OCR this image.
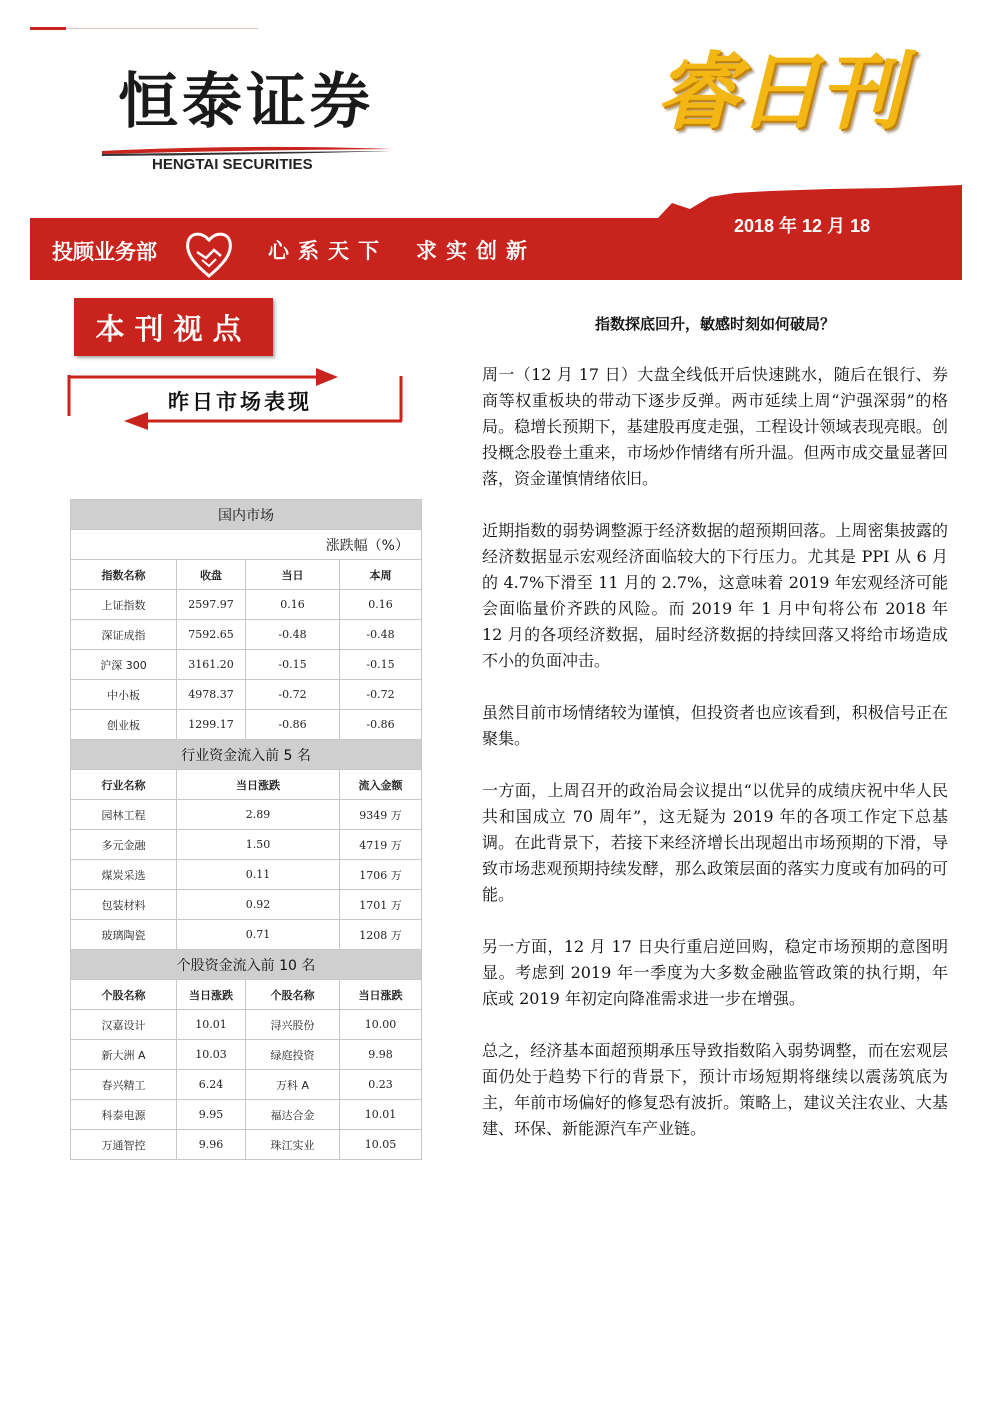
恒泰证券
HENGTAI SECURITIES
睿日刊
2018 年 12 月 18
投顾业务部	心系天下 求实创新
本刊视点
昨日市场表现
国内市场			
涨跌幅（%）			
指数名称	收盘	当日	本周
上证指数	2597.97	0.16	0.16
深证成指	7592.65	-0.48	-0.48
沪深 300	3161.20	-0.15	-0.15
中小板	4978.37	-0.72	-0.72
创业板	1299.17	-0.86	-0.86
行业资金流入前 5 名			
行业名称	当日涨跌		流入金额
园林工程	2.89		9349 万
多元金融	1.50		4719 万
煤炭采选	0.11		1706 万
包装材料	0.92		1701 万
玻璃陶瓷	0.71		1208 万
个股资金流入前 10 名			
个股名称	当日涨跌	个股名称	当日涨跌
汉嘉设计	10.01	浔兴股份	10.00
新大洲 A	10.03	绿庭投资	9.98
春兴精工	6.24	万科 A	0.23
科泰电源	9.95	福达合金	10.01
万通智控	9.96	珠江实业	10.05
指数探底回升，敏感时刻如何破局？

周一（12 月 17 日）大盘全线低开后快速跳水，随后在银行、券商等权重板块的带动下逐步反弹。两市延续上周“沪强深弱”的格局。稳增长预期下，基建股再度走强，工程设计领域表现亮眼。创投概念股卷土重来，市场炒作情绪有所升温。但两市成交量显著回落，资金谨慎情绪依旧。

近期指数的弱势调整源于经济数据的超预期回落。上周密集披露的经济数据显示宏观经济面临较大的下行压力。尤其是 PPI 从 6 月的 4.7%下滑至 11 月的 2.7%，这意味着 2019 年宏观经济可能会面临量价齐跌的风险。而 2019 年 1 月中旬将公布 2018 年 12 月的各项经济数据，届时经济数据的持续回落又将给市场造成不小的负面冲击。

虽然目前市场情绪较为谨慎，但投资者也应该看到，积极信号正在聚集。

一方面，上周召开的政治局会议提出“以优异的成绩庆祝中华人民共和国成立 70 周年”，这无疑为 2019 年的各项工作定下总基调。在此背景下，若接下来经济增长出现超出市场预期的下滑，导致市场悲观预期持续发酵，那么政策层面的落实力度或有加码的可能。

另一方面，12 月 17 日央行重启逆回购，稳定市场预期的意图明显。考虑到 2019 年一季度为大多数金融监管政策的执行期，年底或 2019 年初定向降准需求进一步在增强。

总之，经济基本面超预期承压导致指数陷入弱势调整，而在宏观层面仍处于趋势下行的背景下，预计市场短期将继续以震荡筑底为主，年前市场偏好的修复恐有波折。策略上，建议关注农业、大基建、环保、新能源汽车产业链。
